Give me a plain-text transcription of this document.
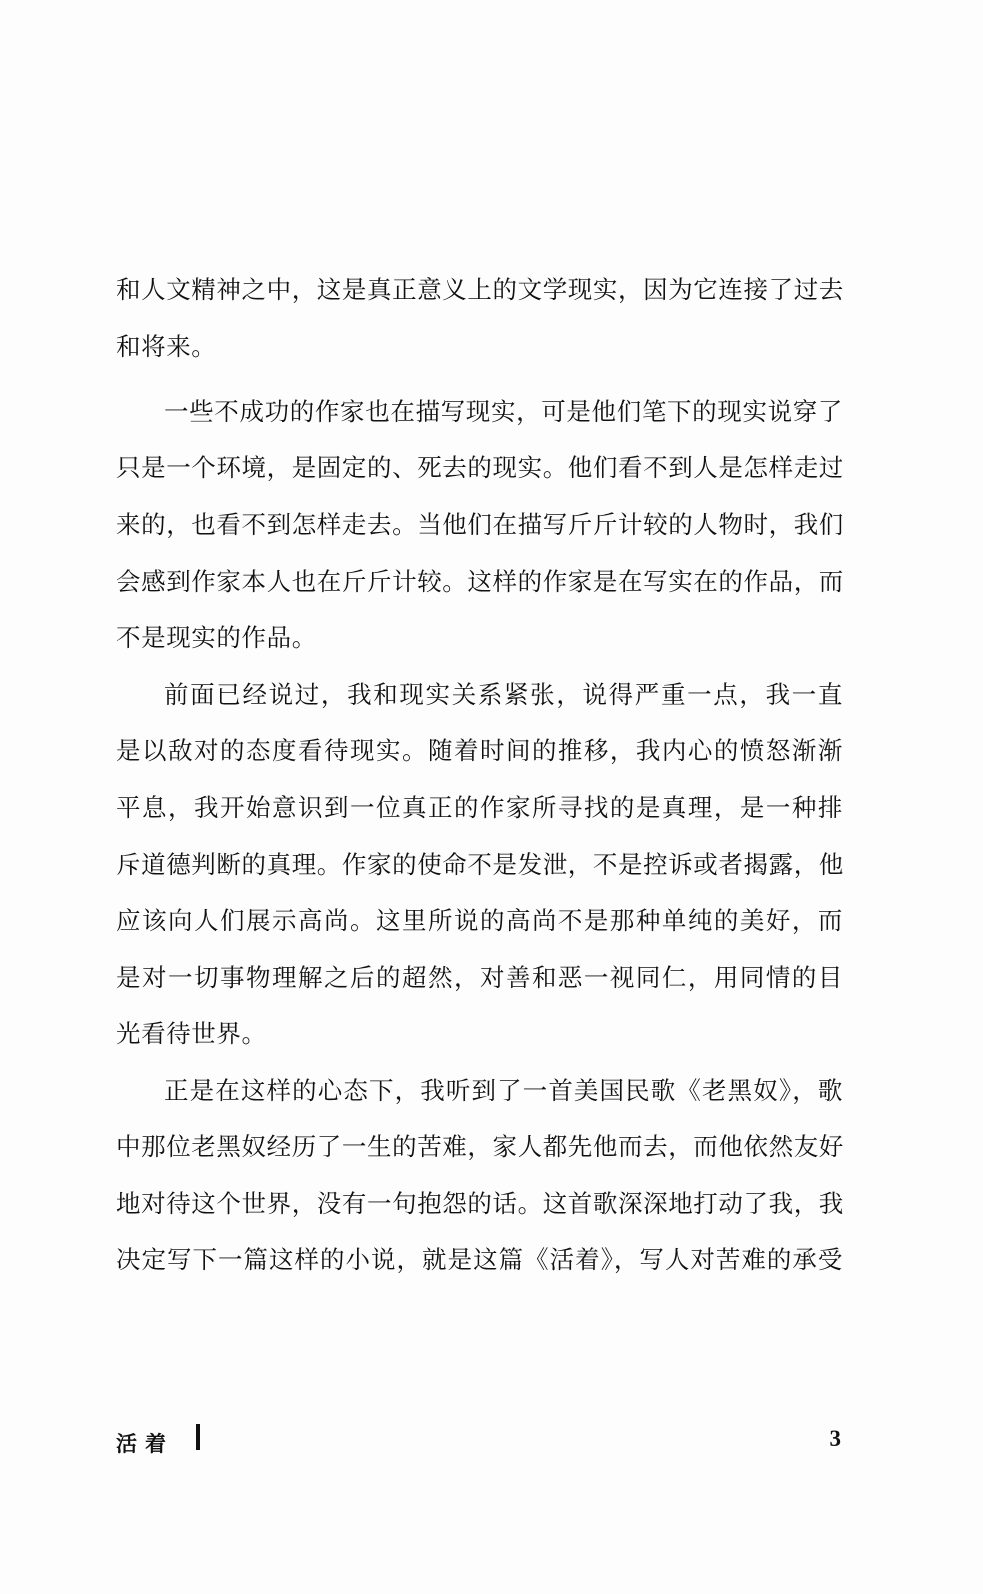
和人文精神之中，这是真正意义上的文学现实，因为它连接了过去
和将来。
一些不成功的作家也在描写现实，可是他们笔下的现实说穿了
只是一个环境，是固定的、死去的现实。他们看不到人是怎样走过
来的，也看不到怎样走去。当他们在描写斤斤计较的人物时，我们
会感到作家本人也在斤斤计较。这样的作家是在写实在的作品，而
不是现实的作品。
前面已经说过，我和现实关系紧张，说得严重一点，我一直
是以敌对的态度看待现实。随着时间的推移，我内心的愤怒渐渐
平息，我开始意识到一位真正的作家所寻找的是真理，是一种排
斥道德判断的真理。作家的使命不是发泄，不是控诉或者揭露，他
应该向人们展示高尚。这里所说的高尚不是那种单纯的美好，而
是对一切事物理解之后的超然，对善和恶一视同仁，用同情的目
光看待世界。
正是在这样的心态下，我听到了一首美国民歌《老黑奴》，歌
中那位老黑奴经历了一生的苦难，家人都先他而去，而他依然友好
地对待这个世界，没有一句抱怨的话。这首歌深深地打动了我，我
决定写下一篇这样的小说，就是这篇《活着》，写人对苦难的承受
活着	3
